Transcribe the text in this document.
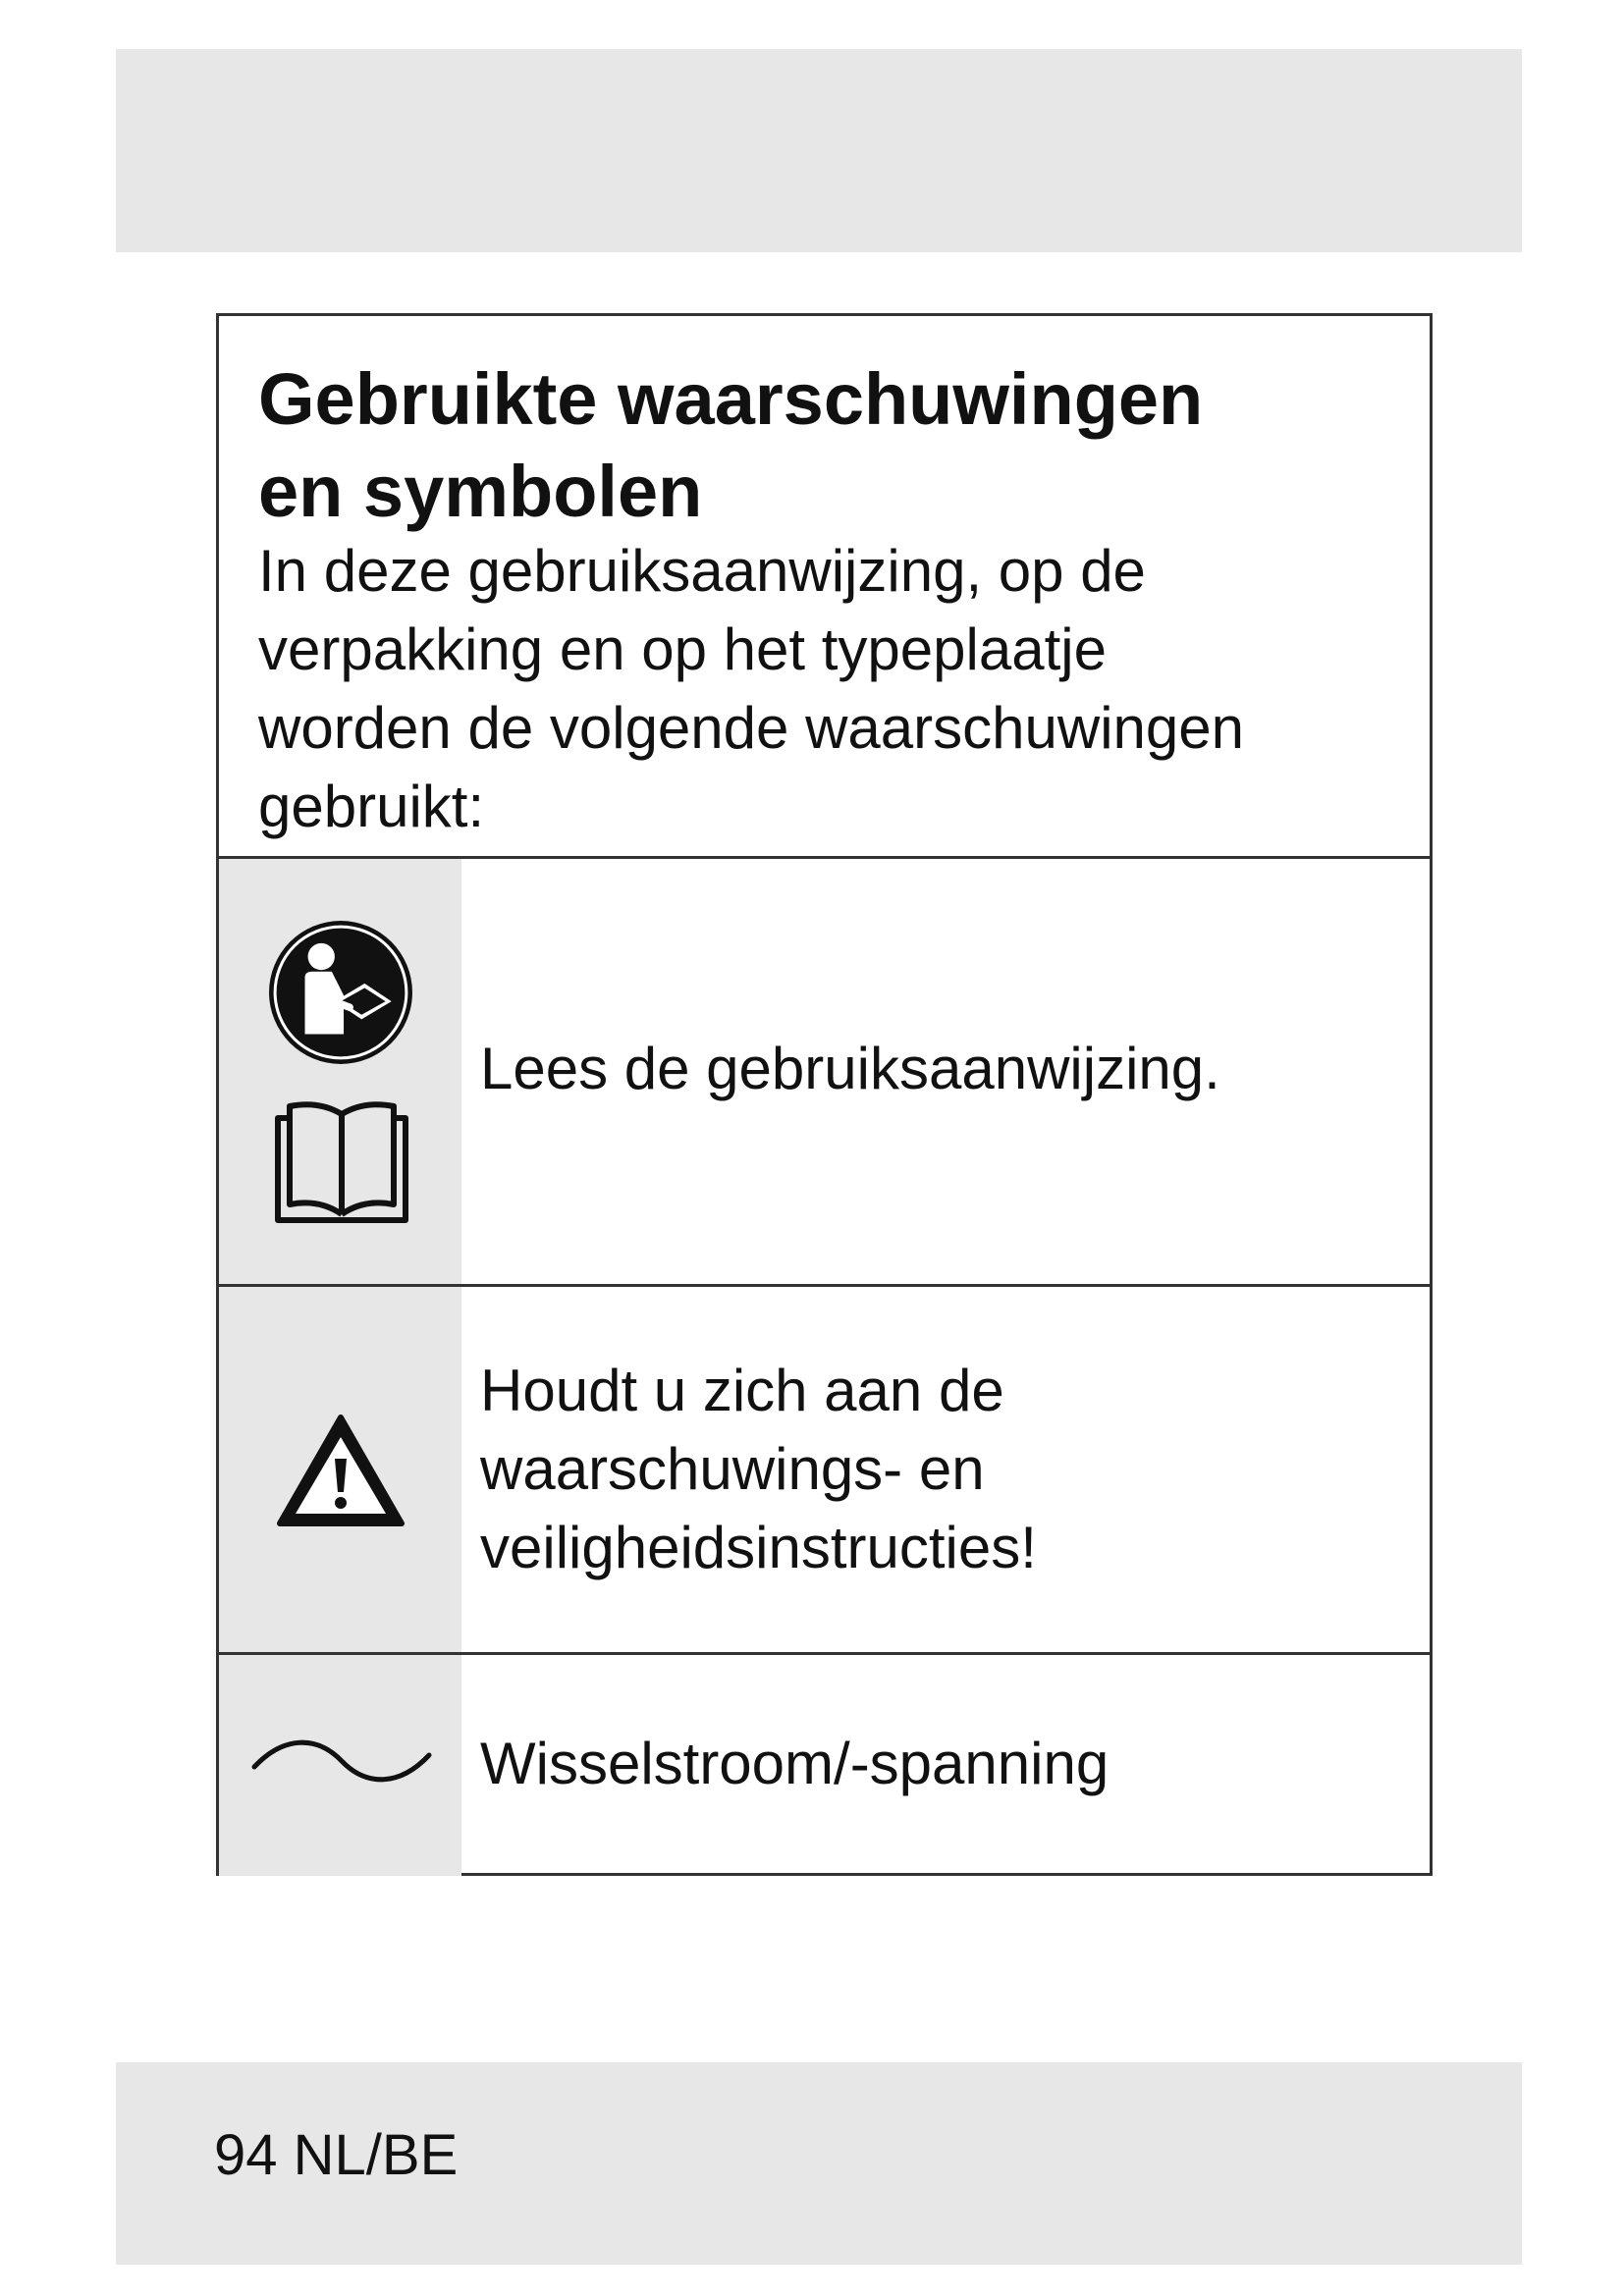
Gebruikte waarschuwingen
en symbolen
In deze gebruiksaanwijzing, op de
verpakking en op het typeplaatje
worden de volgende waarschuwingen
gebruikt:
Lees de gebruiksaanwijzing.
Houdt u zich aan de
waarschuwings- en
veiligheidsinstructies!
Wisselstroom/-spanning
94 NL/BE
